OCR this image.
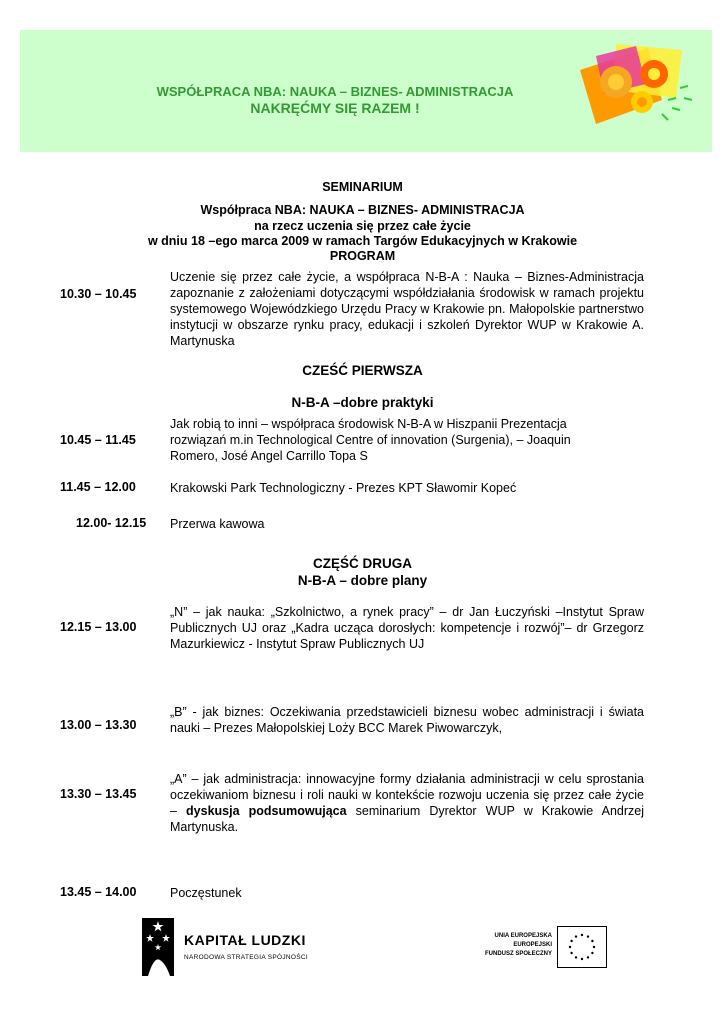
WSPÓŁPRACA NBA: NAUKA – BIZNES- ADMINISTRACJA
NAKRĘĆMY SIĘ RAZEM !
SEMINARIUM
Współpraca NBA: NAUKA – BIZNES- ADMINISTRACJA
na rzecz uczenia się przez całe życie
w dniu 18 –ego marca 2009 w ramach Targów Edukacyjnych w Krakowie
PROGRAM
10.30 – 10.45
Uczenie się przez całe życie, a współpraca N-B-A : Nauka – Biznes-Administracja zapoznanie z założeniami dotyczącymi współdziałania środowisk w ramach projektu systemowego Wojewódzkiego Urzędu Pracy w Krakowie pn. Małopolskie partnerstwo instytucji w obszarze rynku pracy, edukacji i szkoleń Dyrektor WUP w Krakowie A. Martynuska
CZEŚĆ PIERWSZA
N-B-A –dobre praktyki
10.45 – 11.45
Jak robią to inni – współpraca środowisk N-B-A w Hiszpanii Prezentacja rozwiązań m.in Technological Centre of innovation (Surgenia), – Joaquin Romero, José Angel Carrillo Topa S
11.45 – 12.00	Krakowski Park Technologiczny - Prezes KPT Sławomir Kopeć
12.00- 12.15	Przerwa kawowa
CZĘŚĆ DRUGA
N-B-A – dobre plany
12.15 – 13.00
„N” – jak nauka: „Szkolnictwo, a rynek pracy” – dr Jan Łuczyński –Instytut Spraw Publicznych UJ oraz „Kadra ucząca dorosłych: kompetencje i rozwój”– dr Grzegorz Mazurkiewicz - Instytut Spraw Publicznych UJ
13.00 – 13.30
„B” - jak biznes: Oczekiwania przedstawicieli biznesu wobec administracji i świata nauki – Prezes Małopolskiej Loży BCC Marek Piwowarczyk,
13.30 – 13.45
„A” – jak administracja: innowacyjne formy działania administracji w celu sprostania oczekiwaniom biznesu i roli nauki w kontekście rozwoju uczenia się przez całe życie – dyskusja podsumowująca seminarium Dyrektor WUP w Krakowie Andrzej Martynuska.
13.45 – 14.00	Poczęstunek
KAPITAŁ LUDZKI
NARODOWA STRATEGIA SPÓJNOŚCI
UNIA EUROPEJSKA
EUROPEJSKI
FUNDUSZ SPOŁECZNY
